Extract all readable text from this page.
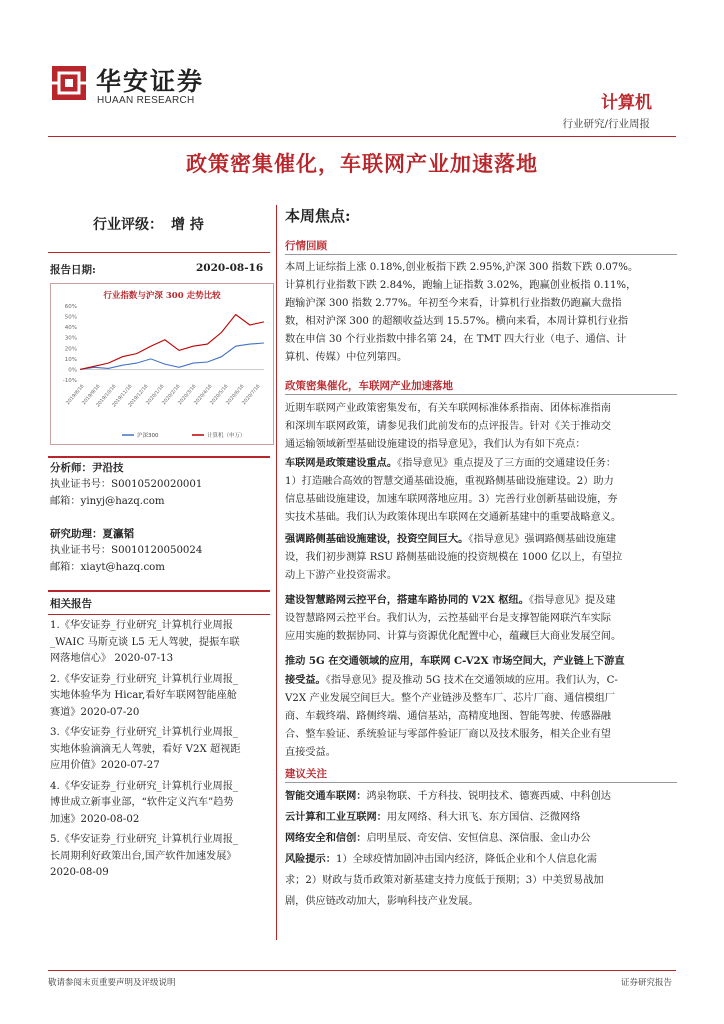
华安证券
HUAAN RESEARCH	计算机
行业研究/行业周报
政策密集催化，车联网产业加速落地
行业评级： 增 持
报告日期:	2020-08-16
行业指数与沪深 300 走势比较
60%
50%
40%
30%
20%
10%
0%
-10%
2019/8/16
2019/9/16
2019/10/16
2019/11/16
2019/12/16
2020/1/16
2020/2/16
2020/3/16
2020/4/16
2020/5/16
2020/6/16
2020/7/16
沪深300	计算机（申万）
分析师：尹沿技
执业证书号：S0010520020001
邮箱：yinyj@hazq.com
研究助理：夏瀛韬
执业证书号：S0010120050024
邮箱：xiayt@hazq.com
相关报告
1.《华安证券_行业研究_计算机行业周报
_WAIC 马斯克谈 L5 无人驾驶，提振车联
网落地信心》 2020-07-13
2.《华安证券_行业研究_计算机行业周报_
实地体验华为 Hicar,看好车联网智能座舱
赛道》2020-07-20
3.《华安证券_行业研究_计算机行业周报_
实地体验滴滴无人驾驶，看好 V2X 超视距
应用价值》2020-07-27
4.《华安证券_行业研究_计算机行业周报_
博世成立新事业部，“软件定义汽车”趋势
加速》2020-08-02
5.《华安证券_行业研究_计算机行业周报_
长周期利好政策出台,国产软件加速发展》
2020-08-09
本周焦点:
行情回顾
本周上证综指上涨 0.18%,创业板指下跌 2.95%,沪深 300 指数下跌 0.07%。
计算机行业指数下跌 2.84%，跑输上证指数 3.02%，跑赢创业板指 0.11%，
跑输沪深 300 指数 2.77%。年初至今来看，计算机行业指数仍跑赢大盘指
数，相对沪深 300 的超额收益达到 15.57%。横向来看，本周计算机行业指
数在申信 30 个行业指数中排名第 24，在 TMT 四大行业（电子、通信、计
算机、传媒）中位列第四。
政策密集催化，车联网产业加速落地
近期车联网产业政策密集发布，有关车联网标准体系指南、团体标准指南
和深圳车联网政策，请参见我们此前发布的点评报告。针对《关于推动交
通运输领域新型基础设施建设的指导意见》，我们认为有如下亮点：
车联网是政策建设重点。《指导意见》重点提及了三方面的交通建设任务：
1）打造融合高效的智慧交通基础设施，重视路侧基础设施建设。2）助力
信息基础设施建设，加速车联网落地应用。3）完善行业创新基础设施，夯
实技术基础。我们认为政策体现出车联网在交通新基建中的重要战略意义。
强调路侧基础设施建设，投资空间巨大。《指导意见》强调路侧基础设施建
设，我们初步测算 RSU 路侧基础设施的投资规模在 1000 亿以上，有望拉
动上下游产业投资需求。
建设智慧路网云控平台，搭建车路协同的 V2X 枢纽。《指导意见》提及建
设智慧路网云控平台。我们认为，云控基础平台是支撑智能网联汽车实际
应用实施的数据协同、计算与资源优化配置中心，蕴藏巨大商业发展空间。
推动 5G 在交通领域的应用，车联网 C-V2X 市场空间大，产业链上下游直
接受益。《指导意见》提及推动 5G 技术在交通领域的应用。我们认为，C-
V2X 产业发展空间巨大。整个产业链涉及整车厂、芯片厂商、通信模组厂
商、车载终端、路侧终端、通信基站，高精度地图、智能驾驶、传感器融
合、整车验证、系统验证与零部件验证厂商以及技术服务，相关企业有望
直接受益。
建议关注
智能交通车联网：鸿泉物联、千方科技、锐明技术、德赛西威、中科创达
云计算和工业互联网：用友网络、科大讯飞、东方国信、泛微网络
网络安全和信创：启明星辰、奇安信、安恒信息、深信服、金山办公
风险提示：1）全球疫情加剧冲击国内经济，降低企业和个人信息化需
求；2）财政与货币政策对新基建支持力度低于预期；3）中美贸易战加
剧，供应链改动加大，影响科技产业发展。
敬请参阅末页重要声明及评级说明	证券研究报告
